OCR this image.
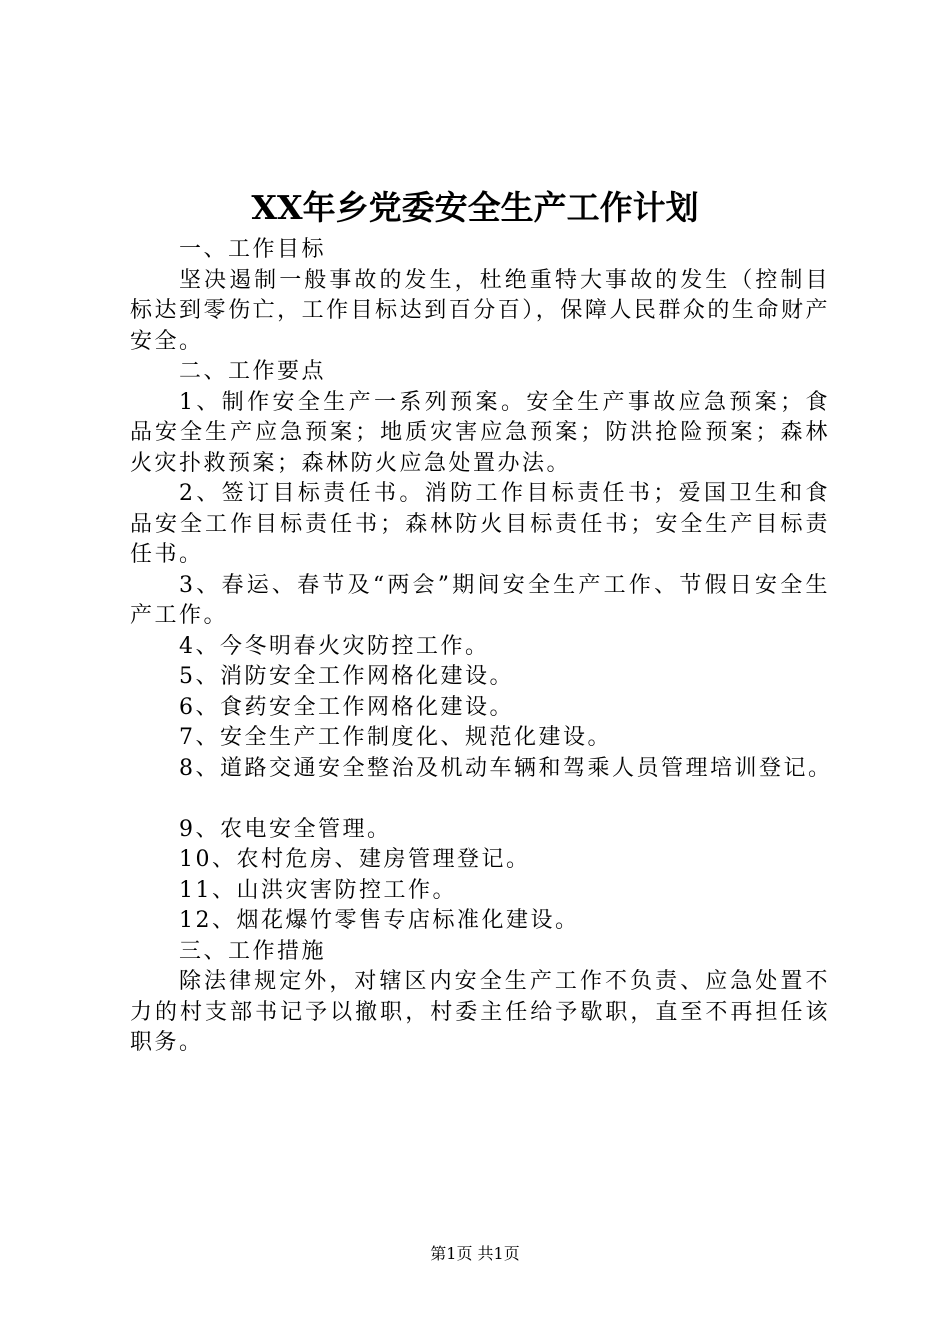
XX年乡党委安全生产工作计划

一、工作目标

坚决遏制一般事故的发生，杜绝重特大事故的发生（控制目标达到零伤亡，工作目标达到百分百），保障人民群众的生命财产安全。

二、工作要点

1、制作安全生产一系列预案。安全生产事故应急预案；食品安全生产应急预案；地质灾害应急预案；防洪抢险预案；森林火灾扑救预案；森林防火应急处置办法。

2、签订目标责任书。消防工作目标责任书；爱国卫生和食品安全工作目标责任书；森林防火目标责任书；安全生产目标责任书。

3、春运、春节及“两会”期间安全生产工作、节假日安全生产工作。

4、今冬明春火灾防控工作。

5、消防安全工作网格化建设。

6、食药安全工作网格化建设。

7、安全生产工作制度化、规范化建设。

8、道路交通安全整治及机动车辆和驾乘人员管理培训登记。

9、农电安全管理。

10、农村危房、建房管理登记。

11、山洪灾害防控工作。

12、烟花爆竹零售专店标准化建设。

三、工作措施

除法律规定外，对辖区内安全生产工作不负责、应急处置不力的村支部书记予以撤职，村委主任给予歇职，直至不再担任该职务。

第1页 共1页
